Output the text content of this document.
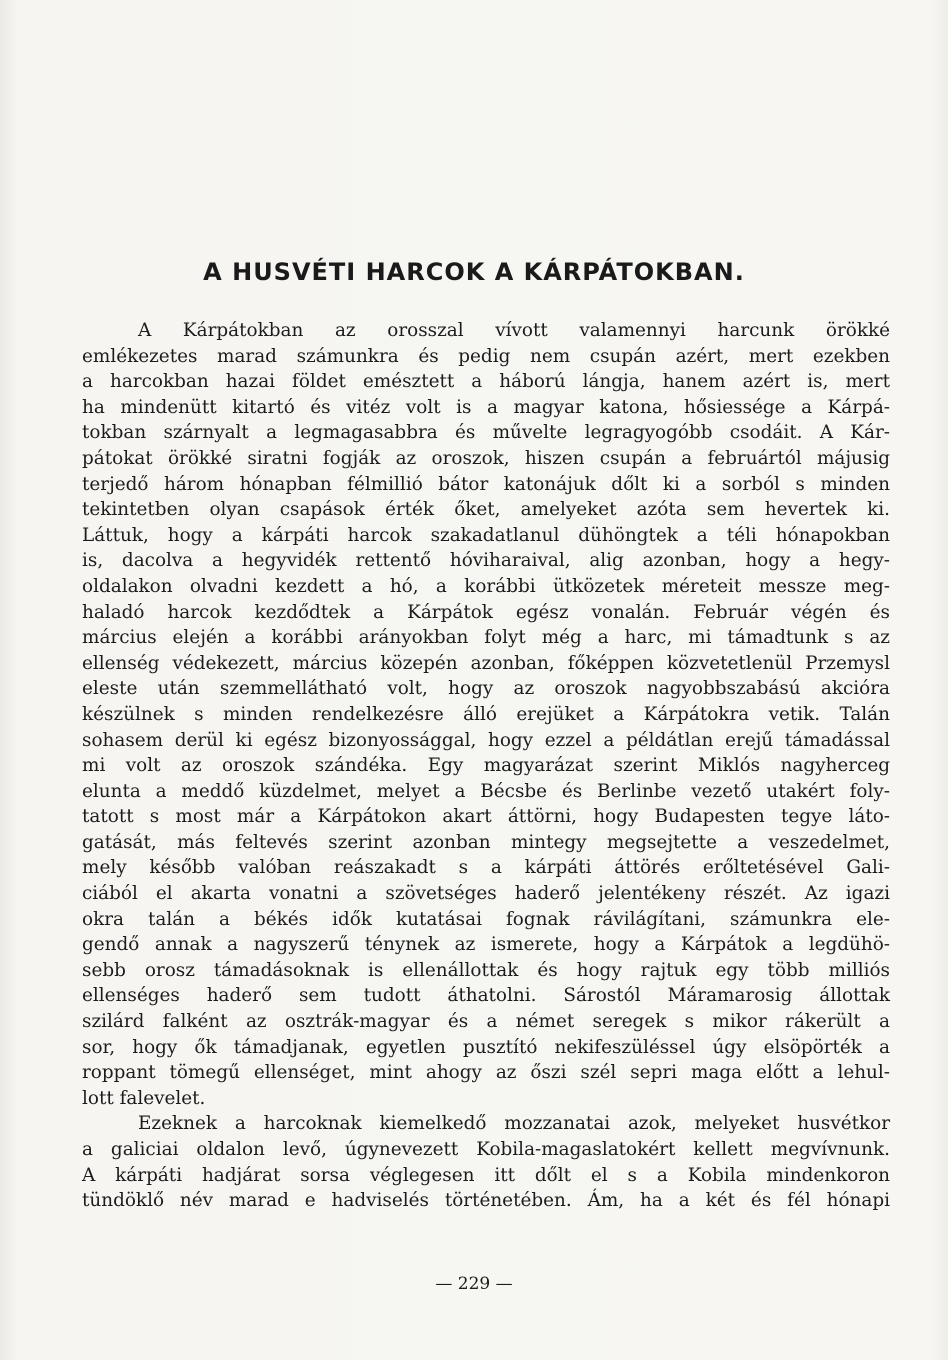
A HUSVÉTI HARCOK A KÁRPÁTOKBAN.
A Kárpátokban az orosszal vívott valamennyi harcunk örökké
emlékezetes marad számunkra és pedig nem csupán azért, mert ezekben
a harcokban hazai földet emésztett a háború lángja, hanem azért is, mert
ha mindenütt kitartó és vitéz volt is a magyar katona, hősiessége a Kárpá-
tokban szárnyalt a legmagasabbra és művelte legragyogóbb csodáit. A Kár-
pátokat örökké siratni fogják az oroszok, hiszen csupán a februártól májusig
terjedő három hónapban félmillió bátor katonájuk dőlt ki a sorból s minden
tekintetben olyan csapások érték őket, amelyeket azóta sem hevertek ki.
Láttuk, hogy a kárpáti harcok szakadatlanul dühöngtek a téli hónapokban
is, dacolva a hegyvidék rettentő hóviharaival, alig azonban, hogy a hegy-
oldalakon olvadni kezdett a hó, a korábbi ütközetek méreteit messze meg-
haladó harcok kezdődtek a Kárpátok egész vonalán. Február végén és
március elején a korábbi arányokban folyt még a harc, mi támadtunk s az
ellenség védekezett, március közepén azonban, főképpen közvetetlenül Przemysl
eleste után szemmellátható volt, hogy az oroszok nagyobbszabású akcióra
készülnek s minden rendelkezésre álló erejüket a Kárpátokra vetik. Talán
sohasem derül ki egész bizonyossággal, hogy ezzel a példátlan erejű támadással
mi volt az oroszok szándéka. Egy magyarázat szerint Miklós nagyherceg
elunta a meddő küzdelmet, melyet a Bécsbe és Berlinbe vezető utakért foly-
tatott s most már a Kárpátokon akart áttörni, hogy Budapesten tegye láto-
gatását, más feltevés szerint azonban mintegy megsejtette a veszedelmet,
mely később valóban reászakadt s a kárpáti áttörés erőltetésével Gali-
ciából el akarta vonatni a szövetséges haderő jelentékeny részét. Az igazi
okra talán a békés idők kutatásai fognak rávilágítani, számunkra ele-
gendő annak a nagyszerű ténynek az ismerete, hogy a Kárpátok a legdühö-
sebb orosz támadásoknak is ellenállottak és hogy rajtuk egy több milliós
ellenséges haderő sem tudott áthatolni. Sárostól Máramarosig állottak
szilárd falként az osztrák-magyar és a német seregek s mikor rákerült a
sor, hogy ők támadjanak, egyetlen pusztító nekifeszüléssel úgy elsöpörték a
roppant tömegű ellenséget, mint ahogy az őszi szél sepri maga előtt a lehul-
lott falevelet.
Ezeknek a harcoknak kiemelkedő mozzanatai azok, melyeket husvétkor
a galiciai oldalon levő, úgynevezett Kobila-magaslatokért kellett megvívnunk.
A kárpáti hadjárat sorsa véglegesen itt dőlt el s a Kobila mindenkoron
tündöklő név marad e hadviselés történetében. Ám, ha a két és fél hónapi
— 229 —
